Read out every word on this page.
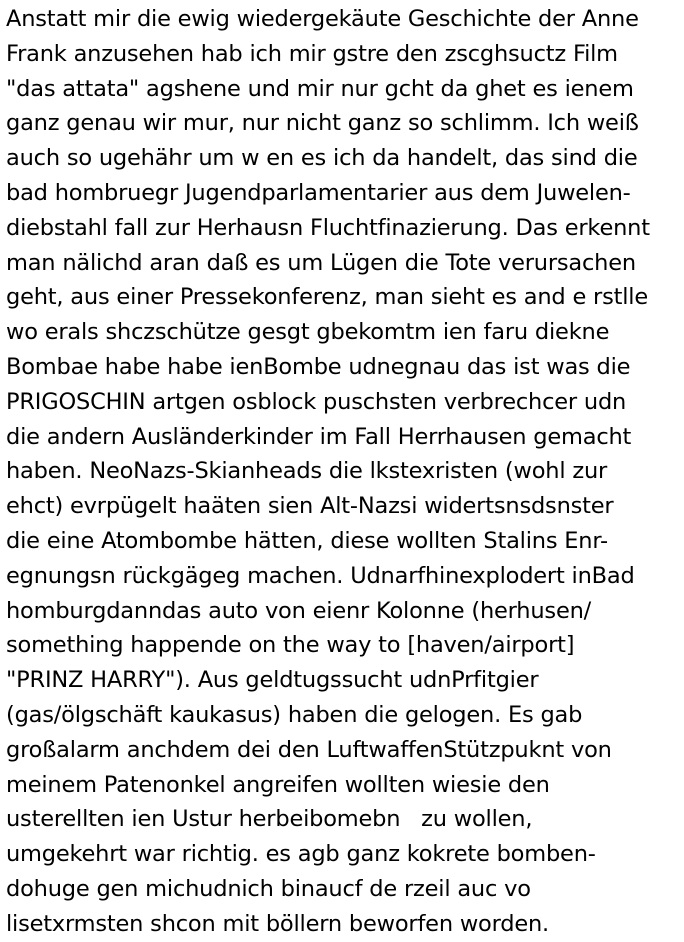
Anstatt mir die ewig wiedergekäute Geschichte der Anne
Frank anzusehen hab ich mir gstre den zscghsuctz Film
"das attata" agshene und mir nur gcht da ghet es ienem
ganz genau wir mur, nur nicht ganz so schlimm. Ich weiß
auch so ugehähr um w en es ich da handelt, das sind die
bad hombruegr Jugendparlamentarier aus dem Juwelen-
diebstahl fall zur Herhausn Fluchtfinazierung. Das erkennt
man nälichd aran daß es um Lügen die Tote verursachen
geht, aus einer Pressekonferenz, man sieht es and e rstlle
wo erals shczschütze gesgt gbekomtm ien faru diekne
Bombae habe habe ienBombe udnegnau das ist was die
PRIGOSCHIN artgen osblock puschsten verbrechcer udn
die andern Ausländerkinder im Fall Herrhausen gemacht
haben. NeoNazs-Skianheads die lkstexristen (wohl zur
ehct) evrpügelt haäten sien Alt-Nazsi widertsnsdsnster
die eine Atombombe hätten, diese wollten Stalins Enr-
egnungsn rückgägeg machen. Udnarfhinexplodert inBad
homburgdanndas auto von eienr Kolonne (herhusen/
something happende on the way to [haven/airport]
"PRINZ HARRY"). Aus geldtugssucht udnPrfitgier
(gas/ölgschäft kaukasus) haben die gelogen. Es gab
großalarm anchdem dei den LuftwaffenStützpuknt von
meinem Patenonkel angreifen wollten wiesie den
usterellten ien Ustur herbeibomebn   zu wollen,
umgekehrt war richtig. es agb ganz kokrete bomben-
dohuge gen michudnich binaucf de rzeil auc vo
lisetxrmsten shcon mit böllern beworfen worden.
